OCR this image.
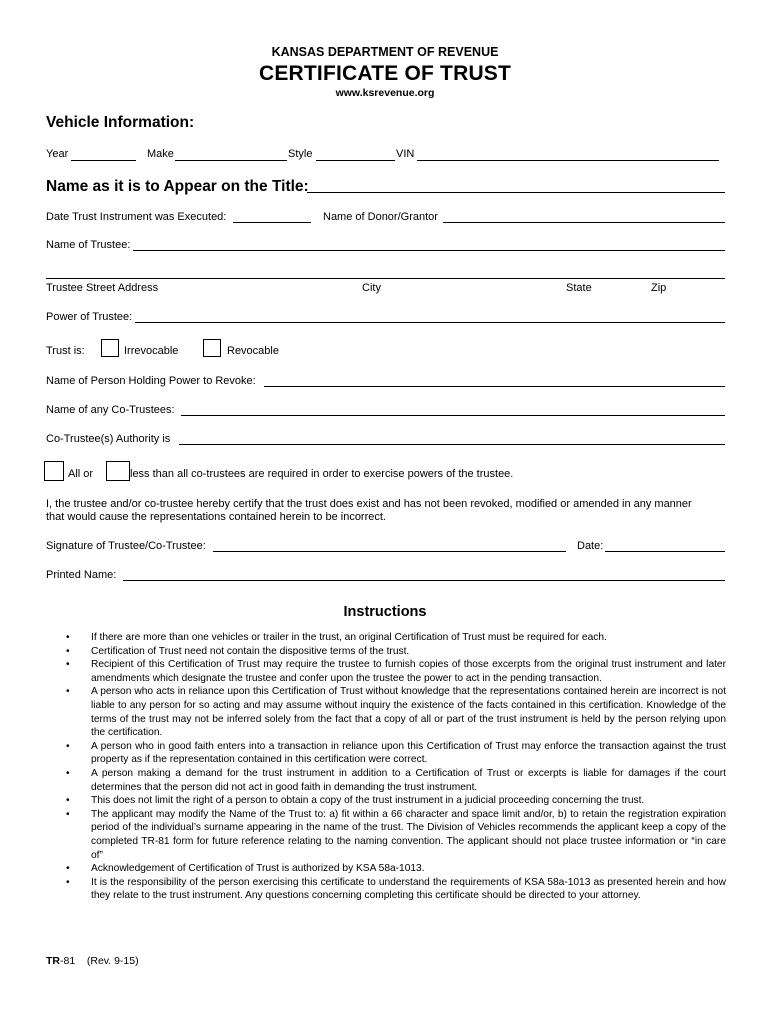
KANSAS DEPARTMENT OF REVENUE
CERTIFICATE OF TRUST
www.ksrevenue.org
Vehicle Information:
Year	Make	Style	VIN
Name as it is to Appear on the Title:
Date Trust Instrument was Executed:	Name of Donor/Grantor
Name of Trustee:
Trustee Street Address	City	State	Zip
Power of Trustee:
Trust is:	Irrevocable	Revocable
Name of Person Holding Power to Revoke:
Name of any Co-Trustees:
Co-Trustee(s) Authority is
All or	less than all co-trustees are required in order to exercise powers of the trustee.
I, the trustee and/or co-trustee hereby certify that the trust does exist and has not been revoked, modified or amended in any manner
that would cause the representations contained herein to be incorrect.
Signature of Trustee/Co-Trustee:	Date:
Printed Name:
Instructions
• If there are more than one vehicles or trailer in the trust, an original Certification of Trust must be required for each.
• Certification of Trust need not contain the dispositive terms of the trust.
• Recipient of this Certification of Trust may require the trustee to furnish copies of those excerpts from the original trust instrument and later amendments which designate the trustee and confer upon the trustee the power to act in the pending transaction.
• A person who acts in reliance upon this Certification of Trust without knowledge that the representations contained herein are incorrect is not liable to any person for so acting and may assume without inquiry the existence of the facts contained in this certification. Knowledge of the terms of the trust may not be inferred solely from the fact that a copy of all or part of the trust instrument is held by the person relying upon the certification.
• A person who in good faith enters into a transaction in reliance upon this Certification of Trust may enforce the transaction against the trust property as if the representation contained in this certification were correct.
• A person making a demand for the trust instrument in addition to a Certification of Trust or excerpts is liable for damages if the court determines that the person did not act in good faith in demanding the trust instrument.
• This does not limit the right of a person to obtain a copy of the trust instrument in a judicial proceeding concerning the trust.
• The applicant may modify the Name of the Trust to: a) fit within a 66 character and space limit and/or, b) to retain the registration expiration period of the individual’s surname appearing in the name of the trust. The Division of Vehicles recommends the applicant keep a copy of the completed TR-81 form for future reference relating to the naming convention. The applicant should not place trustee information or “in care of”
• Acknowledgement of Certification of Trust is authorized by KSA 58a-1013.
• It is the responsibility of the person exercising this certificate to understand the requirements of KSA 58a-1013 as presented herein and how they relate to the trust instrument. Any questions concerning completing this certificate should be directed to your attorney.
TR-81 (Rev. 9-15)
